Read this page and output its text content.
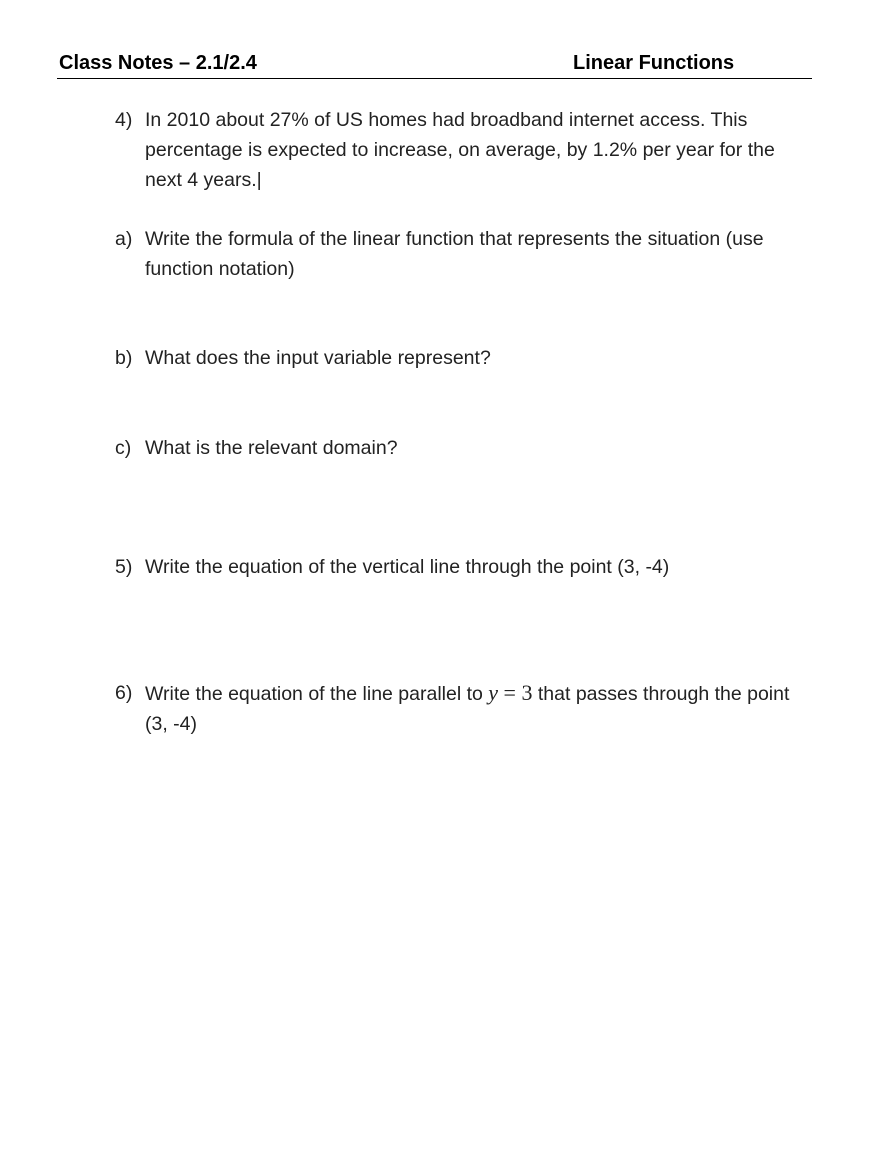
Class Notes – 2.1/2.4	Linear Functions
4) In 2010 about 27% of US homes had broadband internet access. This percentage is expected to increase, on average, by 1.2% per year for the next 4 years.|
a) Write the formula of the linear function that represents the situation (use function notation)
b) What does the input variable represent?
c) What is the relevant domain?
5) Write the equation of the vertical line through the point (3, -4)
6) Write the equation of the line parallel to y = 3 that passes through the point (3, -4)
